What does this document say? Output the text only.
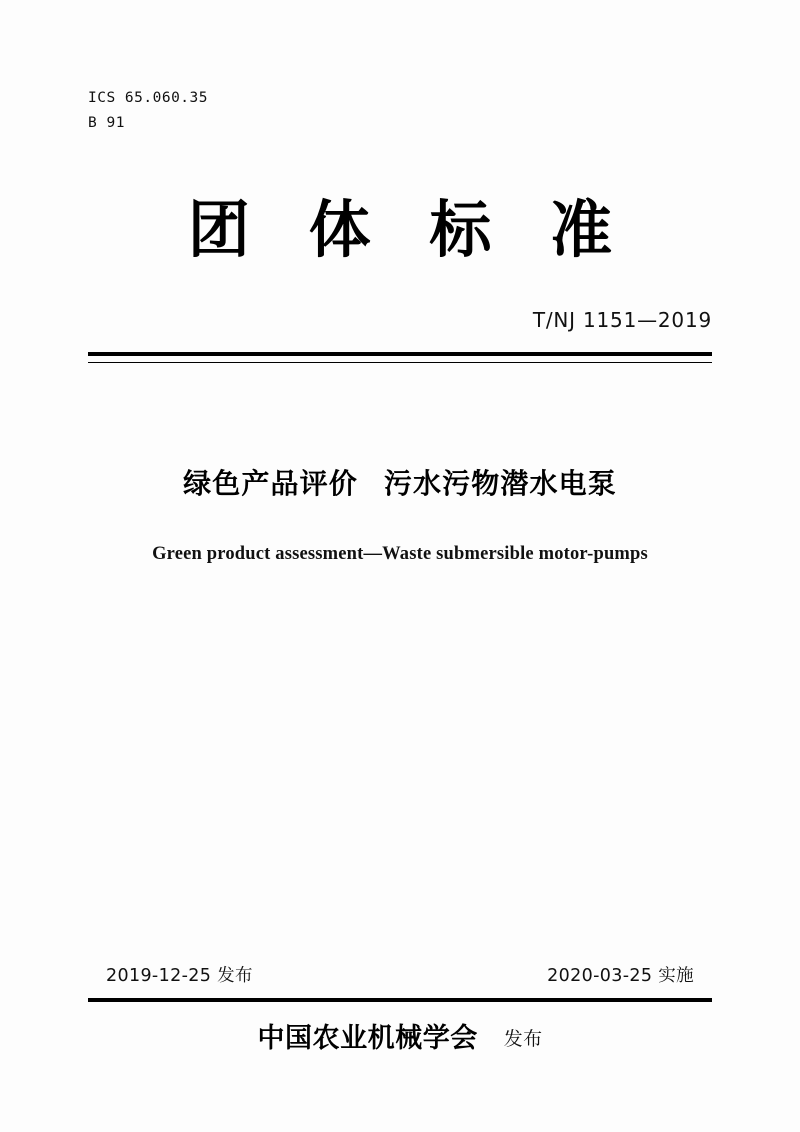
ICS 65.060.35
B 91
团 体 标 准
T/NJ 1151—2019
绿色产品评价 污水污物潜水电泵
Green product assessment—Waste submersible motor-pumps
2019-12-25 发布	2020-03-25 实施
中国农业机械学会 发布
